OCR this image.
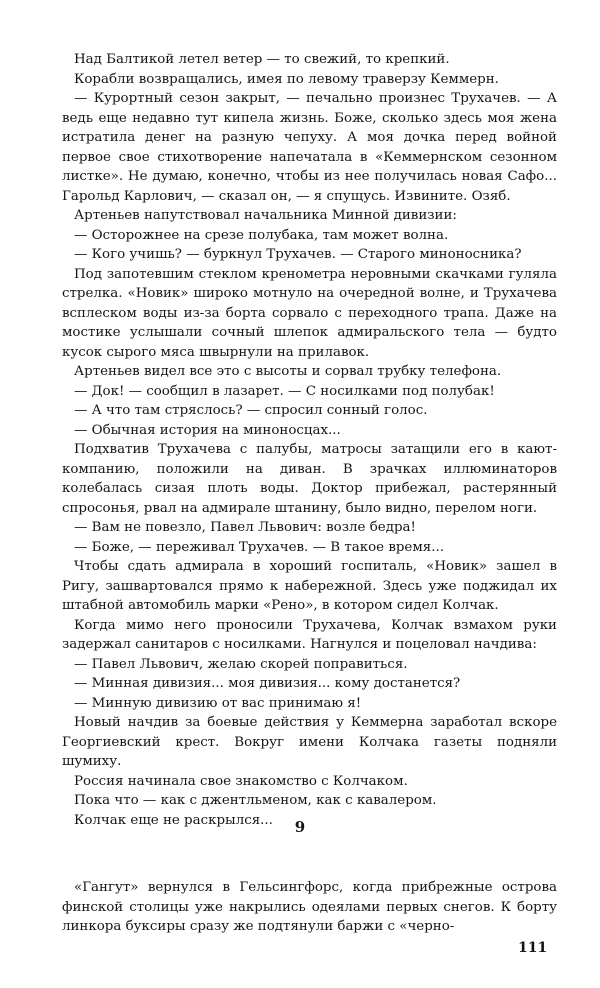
Над Балтикой летел ветер — то свежий, то крепкий.

Корабли возвращались, имея по левому траверзу Кеммерн.

— Курортный сезон закрыт, — печально произнес Трухачев. — А ведь еще недавно тут кипела жизнь. Боже, сколько здесь моя жена истратила денег на разную чепуху. А моя дочка перед войной первое свое стихотворение напечатала в «Кеммернском сезонном листке». Не думаю, конечно, чтобы из нее получилась новая Сафо... Гарольд Карлович, — сказал он, — я спущусь. Извините. Озяб.

Артеньев напутствовал начальника Минной дивизии:

— Осторожнее на срезе полубака, там может волна.

— Кого учишь? — буркнул Трухачев. — Старого миноносника?

Под запотевшим стеклом кренометра неровными скачками гуляла стрелка. «Новик» широко мотнуло на очередной волне, и Трухачева всплеском воды из-за борта сорвало с переходного трапа. Даже на мостике услышали сочный шлепок адмиральского тела — будто кусок сырого мяса швырнули на прилавок.

Артеньев видел все это с высоты и сорвал трубку телефона.

— Док! — сообщил в лазарет. — С носилками под полубак!

— А что там стряслось? — спросил сонный голос.

— Обычная история на миноносцах...

Подхватив Трухачева с палубы, матросы затащили его в кают-компанию, положили на диван. В зрачках иллюминаторов колебалась сизая плоть воды. Доктор прибежал, растерянный спросонья, рвал на адмирале штанину, было видно, перелом ноги.

— Вам не повезло, Павел Львович: возле бедра!

— Боже, — переживал Трухачев. — В такое время...

Чтобы сдать адмирала в хороший госпиталь, «Новик» зашел в Ригу, зашвартовался прямо к набережной. Здесь уже поджидал их штабной автомобиль марки «Рено», в котором сидел Колчак.

Когда мимо него проносили Трухачева, Колчак взмахом руки задержал санитаров с носилками. Нагнулся и поцеловал начдива:

— Павел Львович, желаю скорей поправиться.

— Минная дивизия... моя дивизия... кому достанется?

— Минную дивизию от вас принимаю я!

Новый начдив за боевые действия у Кеммерна заработал вскоре Георгиевский крест. Вокруг имени Колчака газеты подняли шумиху.

Россия начинала свое знакомство с Колчаком.

Пока что — как с джентльменом, как с кавалером.

Колчак еще не раскрылся...	9

«Гангут» вернулся в Гельсингфорс, когда прибрежные острова финской столицы уже накрылись одеялами первых снегов. К борту линкора буксиры сразу же подтянули баржи с «черно-

111
